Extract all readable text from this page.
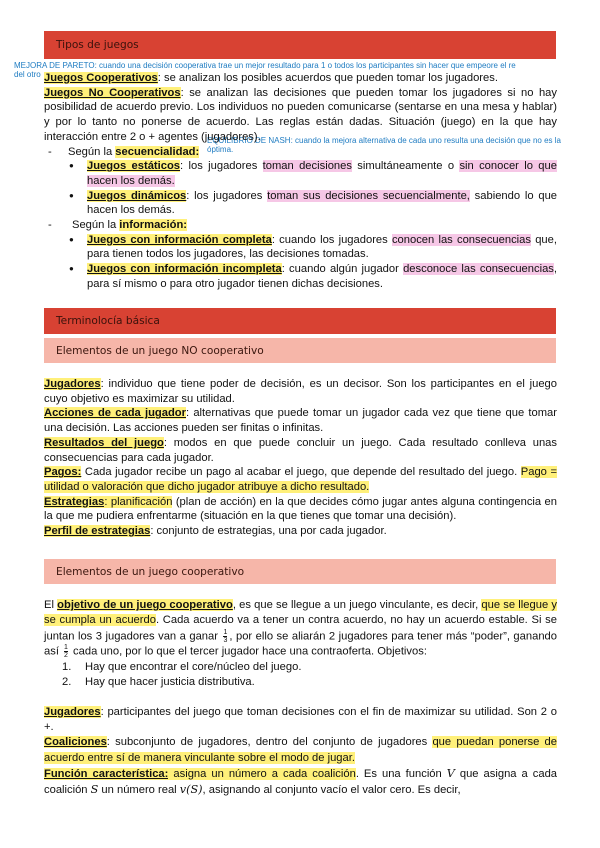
Tipos de juegos
MEJORA DE PARETO: cuando una decisión cooperativa trae un mejor resultado para 1 o todos los participantes sin hacer que empeore el re
del otro
EQUILIBRIO DE NASH: cuando la mejora alternativa de cada uno resulta una decisión que no es la óptima.

Juegos Cooperativos: se analizan los posibles acuerdos que pueden tomar los jugadores.

Juegos No Cooperativos: se analizan las decisiones que pueden tomar los jugadores si no hay posibilidad de acuerdo previo. Los individuos no pueden comunicarse (sentarse en una mesa y hablar) y por lo tanto no ponerse de acuerdo. Las reglas están dadas. Situación (juego) en la que hay interacción entre 2 o + agentes (jugadores).

- Según la secuencialidad:
● Juegos estáticos: los jugadores toman decisiones simultáneamente o sin conocer lo que hacen los demás.
● Juegos dinámicos: los jugadores toman sus decisiones secuencialmente, sabiendo lo que hacen los demás.
- Según la información:
● Juegos con información completa: cuando los jugadores conocen las consecuencias que, para tienen todos los jugadores, las decisiones tomadas.
● Juegos con información incompleta: cuando algún jugador desconoce las consecuencias, para sí mismo o para otro jugador tienen dichas decisiones.
Terminolocía básica
Elementos de un juego NO cooperativo

Jugadores: individuo que tiene poder de decisión, es un decisor. Son los participantes en el juego cuyo objetivo es maximizar su utilidad.

Acciones de cada jugador: alternativas que puede tomar un jugador cada vez que tiene que tomar una decisión. Las acciones pueden ser finitas o infinitas.

Resultados del juego: modos en que puede concluir un juego. Cada resultado conlleva unas consecuencias para cada jugador.

Pagos: Cada jugador recibe un pago al acabar el juego, que depende del resultado del juego. Pago = utilidad o valoración que dicho jugador atribuye a dicho resultado.

Estrategias: planificación (plan de acción) en la que decides cómo jugar antes alguna contingencia en la que me pudiera enfrentarme (situación en la que tienes que tomar una decisión).

Perfil de estrategias: conjunto de estrategias, una por cada jugador.

Elementos de un juego cooperativo

El objetivo de un juego cooperativo, es que se llegue a un juego vinculante, es decir, que se llegue y se cumpla un acuerdo. Cada acuerdo va a tener un contra acuerdo, no hay un acuerdo estable. Si se juntan los 3 jugadores van a ganar $\frac{1}{3}$ , por ello se aliarán 2 jugadores para tener más “poder”, ganando así $\frac{1}{2}$ cada uno, por lo que el tercer jugador hace una contraoferta. Objetivos:

1. Hay que encontrar el core/núcleo del juego.
2. Hay que hacer justicia distributiva.

Jugadores: participantes del juego que toman decisiones con el fin de maximizar su utilidad. Son 2 o +.

Coaliciones: subconjunto de jugadores, dentro del conjunto de jugadores que puedan ponerse de acuerdo entre sí de manera vinculante sobre el modo de jugar.

Función característica: asigna un número a cada coalición. Es una función V que asigna a cada coalición S un número real v(S), asignando al conjunto vacío el valor cero. Es decir,
